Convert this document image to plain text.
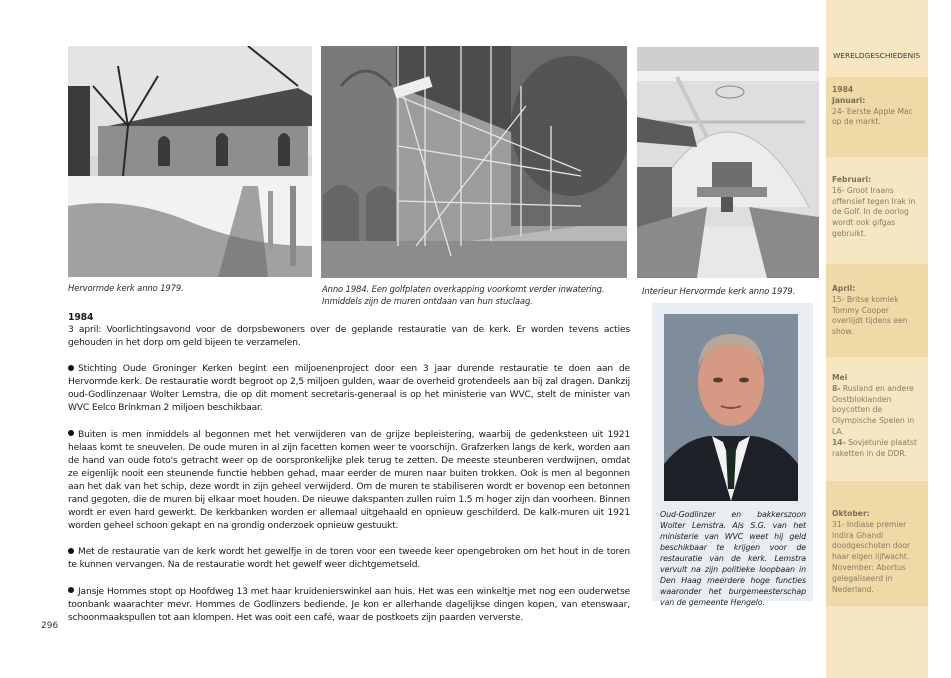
Hervormde kerk anno 1979.	Anno 1984. Een golfplaten overkapping voorkomt verder inwatering. Inmiddels zijn de muren ontdaan van hun stuclaag.
Interieur Hervormde kerk anno 1979.
1984

3 april: Voorlichtingsavond voor de dorpsbewoners over de geplande restauratie van de kerk. Er worden tevens acties gehouden in het dorp om geld bijeen te verzamelen.

Stichting Oude Groninger Kerken begint een miljoenenproject door een 3 jaar durende restauratie te doen aan de Hervormde kerk. De restauratie wordt begroot op 2,5 miljoen gulden, waar de overheid grotendeels aan bij zal dragen. Dankzij oud-Godlinzenaar Wolter Lemstra, die op dit moment secretaris-generaal is op het ministerie van WVC, stelt de minister van WVC Eelco Brinkman 2 miljoen beschikbaar.

Buiten is men inmiddels al begonnen met het verwijderen van de grijze bepleistering, waarbij de gedenksteen uit 1921 helaas komt te sneuvelen. De oude muren in al zijn facetten komen weer te voorschijn. Grafzerken langs de kerk, worden aan de hand van oude foto's getracht weer op de oorspronkelijke plek terug te zetten. De meeste steunberen verdwijnen, omdat ze eigenlijk nooit een steunende functie hebben gehad, maar eerder de muren naar buiten trokken. Ook is men al begonnen aan het dak van het schip, deze wordt in zijn geheel verwijderd. Om de muren te stabiliseren wordt er bovenop een betonnen rand gegoten, die de muren bij elkaar moet houden. De nieuwe dakspanten zullen ruim 1.5 m hoger zijn dan voorheen. Binnen wordt er even hard gewerkt. De kerkbanken worden er allemaal uitgehaald en opnieuw geschilderd. De kalk-muren uit 1921 worden geheel schoon gekapt en na grondig onderzoek opnieuw gestuukt.

Met de restauratie van de kerk wordt het gewelfje in de toren voor een tweede keer opengebroken om het hout in de toren te kunnen vervangen. Na de restauratie wordt het gewelf weer dichtgemetseld.

Jansje Hommes stopt op Hoofdweg 13 met haar kruidenierswinkel aan huis. Het was een winkeltje met nog een ouderwetse toonbank waarachter mevr. Hommes de Godlinzers bediende. Je kon er allerhande dagelijkse dingen kopen, van etenswaar, schoonmaakspullen tot aan klompen. Het was ooit een café, waar de postkoets zijn paarden ververste.

Oud-Godlinzer en bakkerszoon Wolter Lemstra. Als S.G. van het ministerie van WVC weet hij geld beschikbaar te krijgen voor de restauratie van de kerk. Lemstra vervult na zijn politieke loopbaan in Den Haag meerdere hoge functies waaronder het burgemeesterschap van de gemeente Hengelo.
296
WERELDGESCHIEDENIS
1984
Januari:
24- Eerste Apple Mac op de markt.
Februari:
16- Groot Iraans offensief tegen Irak in de Golf. In de oorlog wordt ook gifgas gebruikt.
April:
15- Britse komiek Tommy Cooper overlijdt tijdens een show.
Mei
8- Rusland en andere Oostbloklanden boycotten de Olympische Spelen in LA.
14- Sovjetunie plaatst raketten in de DDR.
Oktober:
31- Indiase premier Indira Ghandi doodgeschoten door haar eigen lijfwacht. November: Abortus gelegaliseerd in Nederland.
